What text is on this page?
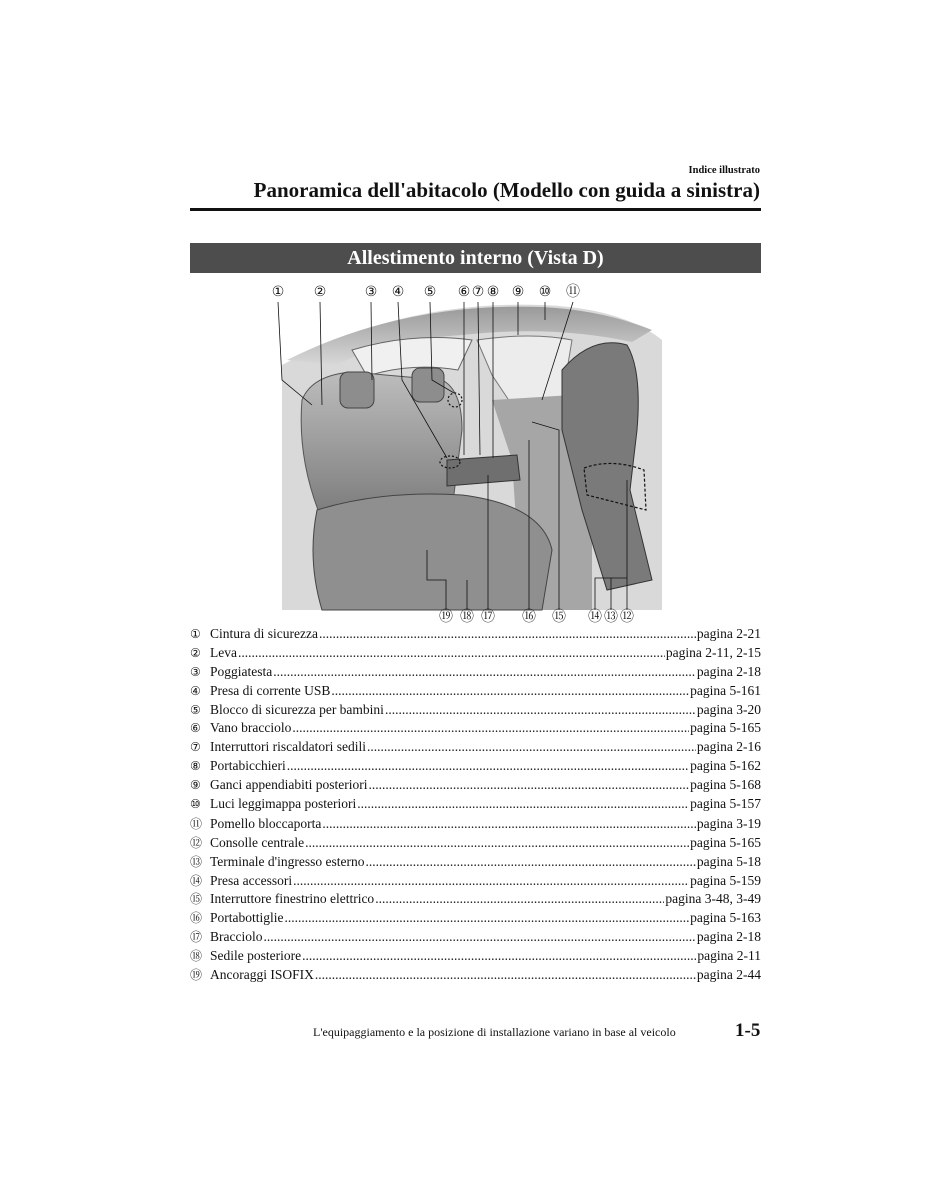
Indice illustrato
Panoramica dell'abitacolo (Modello con guida a sinistra)
Allestimento interno (Vista D)
① ②	③ ④ ⑤ ⑥ ⑦ ⑧ ⑨ ⑩ ⑪
⑲ ⑱ ⑰ ⑯ ⑮ ⑭ ⑬ ⑫
① Cintura di sicurezza .....	pagina 2-21
② Leva .....	pagina 2-11, 2-15
③ Poggiatesta .....	pagina 2-18
④ Presa di corrente USB .....	pagina 5-161
⑤ Blocco di sicurezza per bambini .....	pagina 3-20
⑥ Vano bracciolo .....	pagina 5-165
⑦ Interruttori riscaldatori sedili .....	pagina 2-16
⑧ Portabicchieri .....	pagina 5-162
⑨ Ganci appendiabiti posteriori .....	pagina 5-168
⑩ Luci leggimappa posteriori .....	pagina 5-157
⑪ Pomello bloccaporta .....	pagina 3-19
⑫ Consolle centrale .....	pagina 5-165
⑬ Terminale d'ingresso esterno .....	pagina 5-18
⑭ Presa accessori .....	pagina 5-159
⑮ Interruttore finestrino elettrico .....	pagina 3-48, 3-49
⑯ Portabottiglie .....	pagina 5-163
⑰ Bracciolo .....	pagina 2-18
⑱ Sedile posteriore .....	pagina 2-11
⑲ Ancoraggi ISOFIX .....	pagina 2-44
L'equipaggiamento e la posizione di installazione variano in base al veicolo	1-5
